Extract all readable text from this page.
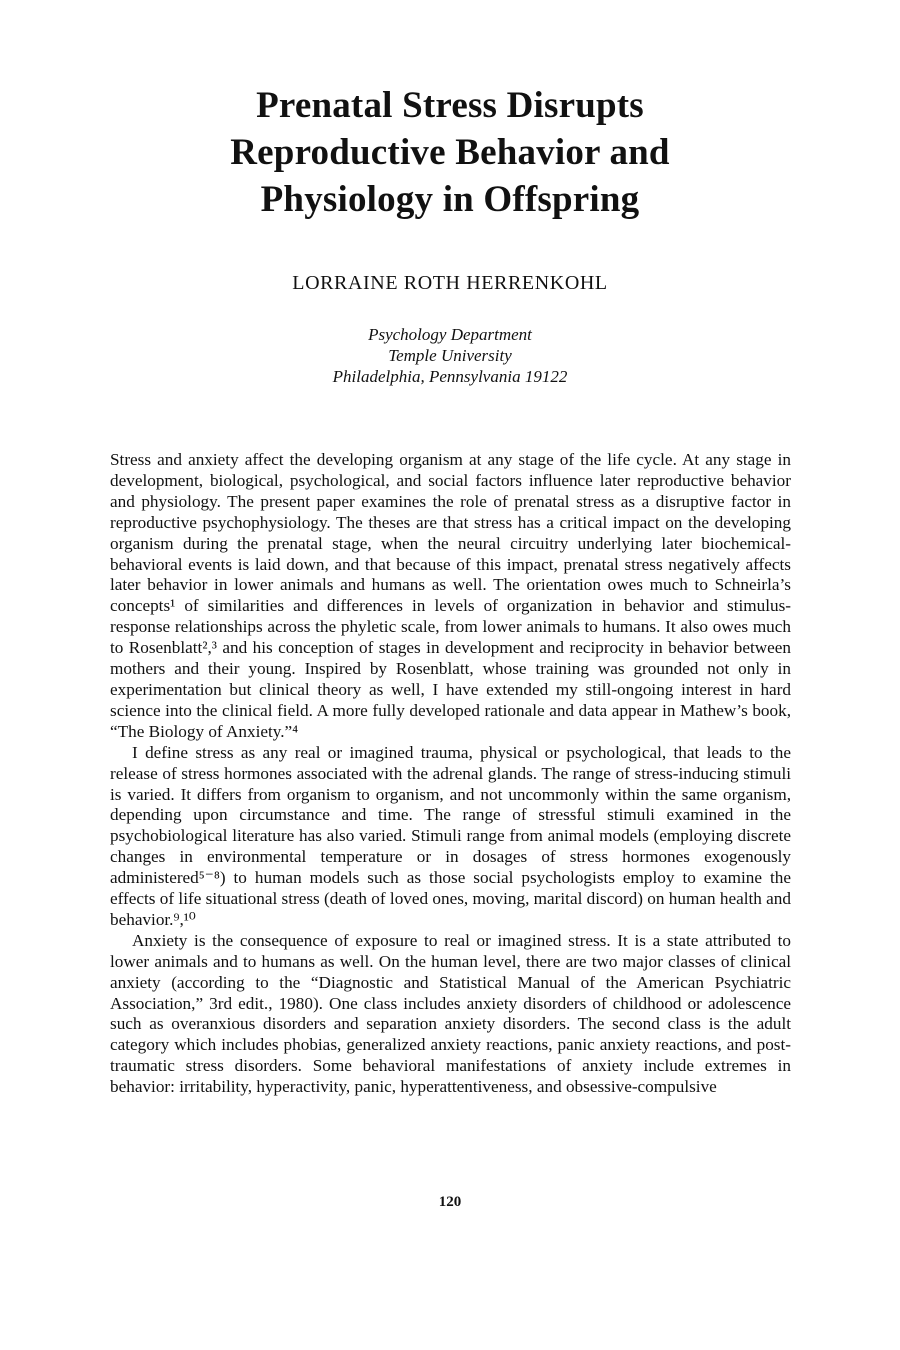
Prenatal Stress Disrupts
Reproductive Behavior and
Physiology in Offspring
LORRAINE ROTH HERRENKOHL
Psychology Department
Temple University
Philadelphia, Pennsylvania 19122

Stress and anxiety affect the developing organism at any stage of the life cycle. At any stage in development, biological, psychological, and social factors influence later reproductive behavior and physiology. The present paper examines the role of prenatal stress as a disruptive factor in reproductive psychophysiology. The theses are that stress has a critical impact on the developing organism during the prenatal stage, when the neural circuitry underlying later biochemical-behavioral events is laid down, and that because of this impact, prenatal stress negatively affects later behavior in lower animals and humans as well. The orientation owes much to Schneirla’s concepts¹ of similarities and differences in levels of organization in behavior and stimulus-response relationships across the phyletic scale, from lower animals to humans. It also owes much to Rosenblatt²,³ and his conception of stages in development and reciprocity in behavior between mothers and their young. Inspired by Rosenblatt, whose training was grounded not only in experimentation but clinical theory as well, I have extended my still-ongoing interest in hard science into the clinical field. A more fully developed rationale and data appear in Mathew’s book, “The Biology of Anxiety.”⁴

I define stress as any real or imagined trauma, physical or psychological, that leads to the release of stress hormones associated with the adrenal glands. The range of stress-inducing stimuli is varied. It differs from organism to organism, and not uncommonly within the same organism, depending upon circumstance and time. The range of stressful stimuli examined in the psychobiological literature has also varied. Stimuli range from animal models (employing discrete changes in environmental temperature or in dosages of stress hormones exogenously administered⁵⁻⁸) to human models such as those social psychologists employ to examine the effects of life situational stress (death of loved ones, moving, marital discord) on human health and behavior.⁹,¹⁰

Anxiety is the consequence of exposure to real or imagined stress. It is a state attributed to lower animals and to humans as well. On the human level, there are two major classes of clinical anxiety (according to the “Diagnostic and Statistical Manual of the American Psychiatric Association,” 3rd edit., 1980). One class includes anxiety disorders of childhood or adolescence such as overanxious disorders and separation anxiety disorders. The second class is the adult category which includes phobias, generalized anxiety reactions, panic anxiety reactions, and post-traumatic stress disorders. Some behavioral manifestations of anxiety include extremes in behavior: irritability, hyperactivity, panic, hyperattentiveness, and obsessive-compulsive

120
